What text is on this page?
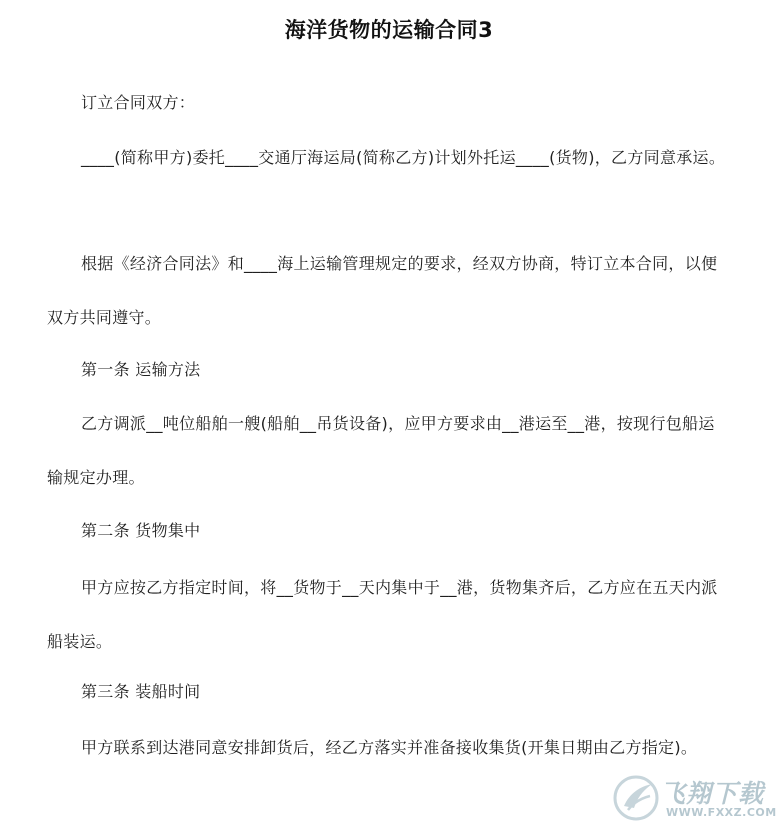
海洋货物的运输合同3

订立合同双方：

____(简称甲方)委托____交通厅海运局(简称乙方)计划外托运____(货物)，乙方同意承运。

根据《经济合同法》和____海上运输管理规定的要求，经双方协商，特订立本合同，以便双方共同遵守。

第一条 运输方法

乙方调派__吨位船舶一艘(船舶__吊货设备)，应甲方要求由__港运至__港，按现行包船运输规定办理。

第二条 货物集中

甲方应按乙方指定时间，将__货物于__天内集中于__港，货物集齐后，乙方应在五天内派船装运。

第三条 装船时间

甲方联系到达港同意安排卸货后，经乙方落实并准备接收集货(开集日期由乙方指定)。

飞翔下载
WWW.FXXZ.COM
